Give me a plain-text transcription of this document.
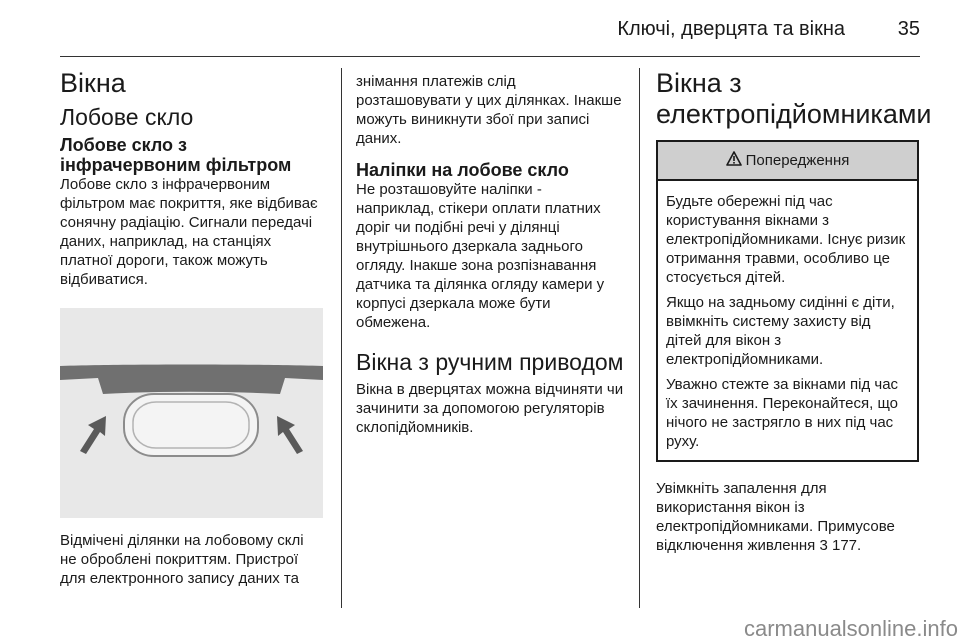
Ключі, дверцята та вікна	35
Вікна
Лобове скло
Лобове скло з інфрачервоним фільтром
Лобове скло з інфрачервоним фільтром має покриття, яке відбиває сонячну радіацію. Сигнали передачі даних, наприклад, на станціях платної дороги, також можуть відбиватися.
Відмічені ділянки на лобовому склі не оброблені покриттям. Пристрої для електронного запису даних та
знімання платежів слід розташовувати у цих ділянках. Інакше можуть виникнути збої при записі даних.
Наліпки на лобове скло
Не розташовуйте наліпки - наприклад, стікери оплати платних доріг чи подібні речі у ділянці внутрішнього дзеркала заднього огляду. Інакше зона розпізнавання датчика та ділянка огляду камери у корпусі дзеркала може бути обмежена.
Вікна з ручним приводом
Вікна в дверцятах можна відчиняти чи зачинити за допомогою регуляторів склопідйомників.
Вікна з електропідйомниками
Попередження
Будьте обережні під час користування вікнами з електропідйомниками. Існує ризик отримання травми, особливо це стосується дітей.
Якщо на задньому сидінні є діти, ввімкніть систему захисту від дітей для вікон з електропідйомниками.
Уважно стежте за вікнами під час їх зачинення. Переконайтеся, що нічого не застрягло в них під час руху.
Увімкніть запалення для використання вікон із електропідйомниками. Примусове відключення живлення 3 177.
carmanualsonline.info
